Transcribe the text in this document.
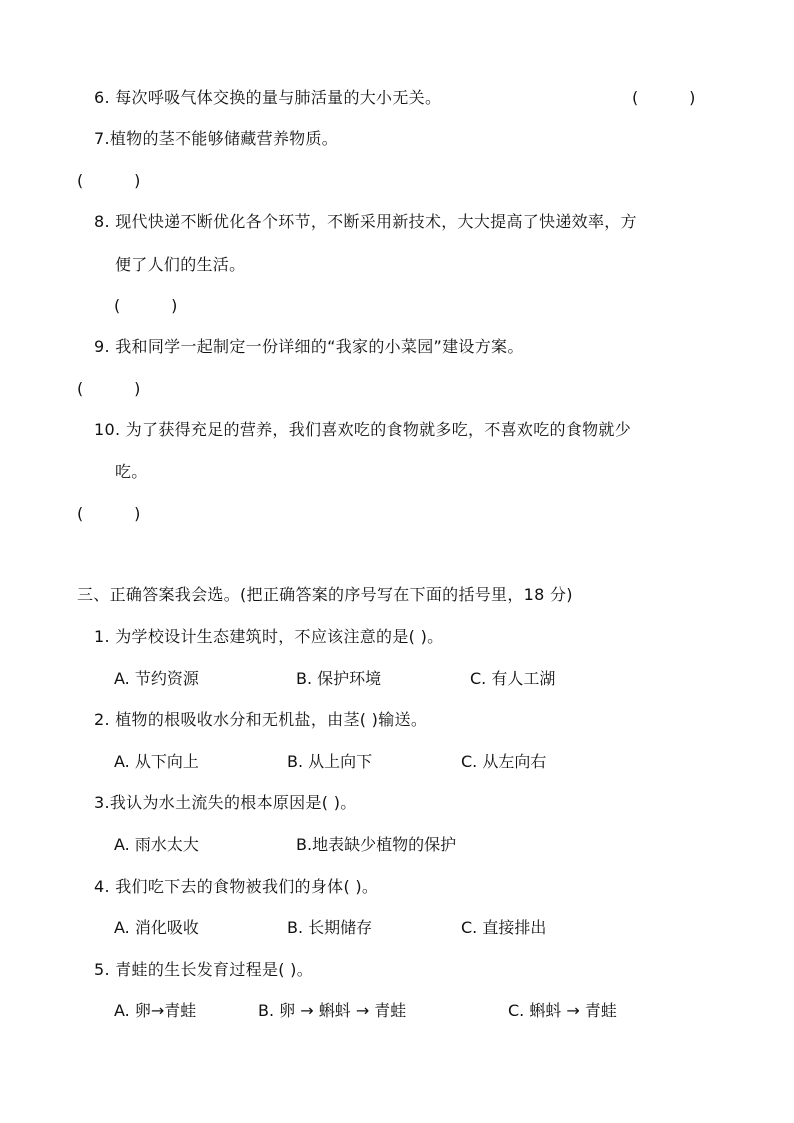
6. 每次呼吸气体交换的量与肺活量的大小无关。	(          )
7.植物的茎不能够储藏营养物质。
(          )
8. 现代快递不断优化各个环节，不断采用新技术，大大提高了快递效率，方
便了人们的生活。
(          )
9. 我和同学一起制定一份详细的“我家的小菜园”建设方案。
(          )
10. 为了获得充足的营养，我们喜欢吃的食物就多吃，不喜欢吃的食物就少
吃。
(          )
三、正确答案我会选。(把正确答案的序号写在下面的括号里，18 分)
1. 为学校设计生态建筑时，不应该注意的是( )。
A. 节约资源	B. 保护环境	C. 有人工湖
2. 植物的根吸收水分和无机盐，由茎( )输送。
A. 从下向上	B. 从上向下	C. 从左向右
3.我认为水土流失的根本原因是( )。
A. 雨水太大	B.地表缺少植物的保护
4. 我们吃下去的食物被我们的身体( )。
A. 消化吸收	B. 长期储存	C. 直接排出
5. 青蛙的生长发育过程是( )。
A. 卵→青蛙	B. 卵 → 蝌蚪 → 青蛙	C. 蝌蚪 → 青蛙
